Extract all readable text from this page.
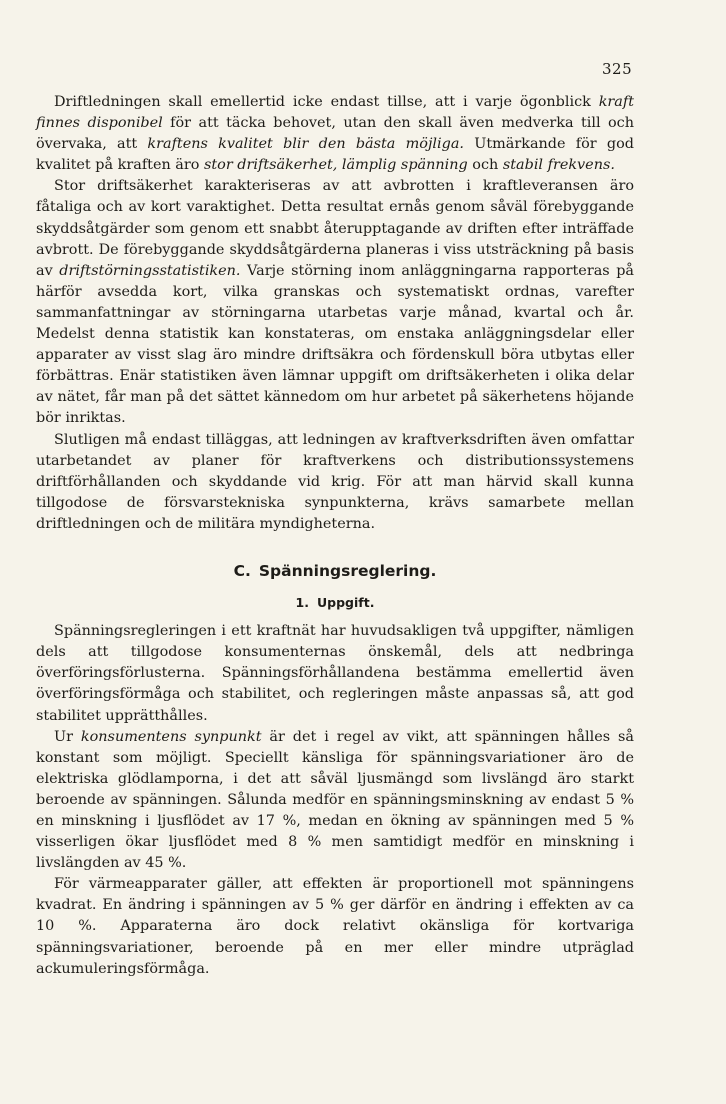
325

Driftledningen skall emellertid icke endast tillse, att i varje ögonblick kraft finnes disponibel för att täcka behovet, utan den skall även medverka till och övervaka, att kraftens kvalitet blir den bästa möjliga. Utmärkande för god kvalitet på kraften äro stor driftsäkerhet, lämplig spänning och stabil frekvens.

Stor driftsäkerhet karakteriseras av att avbrotten i kraftleveransen äro fåtaliga och av kort varaktighet. Detta resultat ernås genom såväl förebyggande skyddsåtgärder som genom ett snabbt återupptagande av driften efter inträffade avbrott. De förebyggande skyddsåtgärderna planeras i viss utsträckning på basis av driftstörningsstatistiken. Varje störning inom anläggningarna rapporteras på härför avsedda kort, vilka granskas och systematiskt ordnas, varefter sammanfattningar av störningarna utarbetas varje månad, kvartal och år. Medelst denna statistik kan konstateras, om enstaka anläggningsdelar eller apparater av visst slag äro mindre driftsäkra och fördenskull böra utbytas eller förbättras. Enär statistiken även lämnar uppgift om driftsäkerheten i olika delar av nätet, får man på det sättet kännedom om hur arbetet på säkerhetens höjande bör inriktas.

Slutligen må endast tilläggas, att ledningen av kraftverksdriften även omfattar utarbetandet av planer för kraftverkens och distributionssystemens driftförhållanden och skyddande vid krig. För att man härvid skall kunna tillgodose de försvarstekniska synpunkterna, krävs samarbete mellan driftledningen och de militära myndigheterna.

C. Spänningsreglering.
1. Uppgift.

Spänningsregleringen i ett kraftnät har huvudsakligen två uppgifter, nämligen dels att tillgodose konsumenternas önskemål, dels att nedbringa överföringsförlusterna. Spänningsförhållandena bestämma emellertid även överföringsförmåga och stabilitet, och regleringen måste anpassas så, att god stabilitet upprätthålles.

Ur konsumentens synpunkt är det i regel av vikt, att spänningen hålles så konstant som möjligt. Speciellt känsliga för spänningsvariationer äro de elektriska glödlamporna, i det att såväl ljusmängd som livslängd äro starkt beroende av spänningen. Sålunda medför en spänningsminskning av endast 5 % en minskning i ljusflödet av 17 %, medan en ökning av spänningen med 5 % visserligen ökar ljusflödet med 8 % men samtidigt medför en minskning i livslängden av 45 %.

För värmeapparater gäller, att effekten är proportionell mot spänningens kvadrat. En ändring i spänningen av 5 % ger därför en ändring i effekten av ca 10 %. Apparaterna äro dock relativt okänsliga för kortvariga spänningsvariationer, beroende på en mer eller mindre utpräglad ackumuleringsförmåga.
